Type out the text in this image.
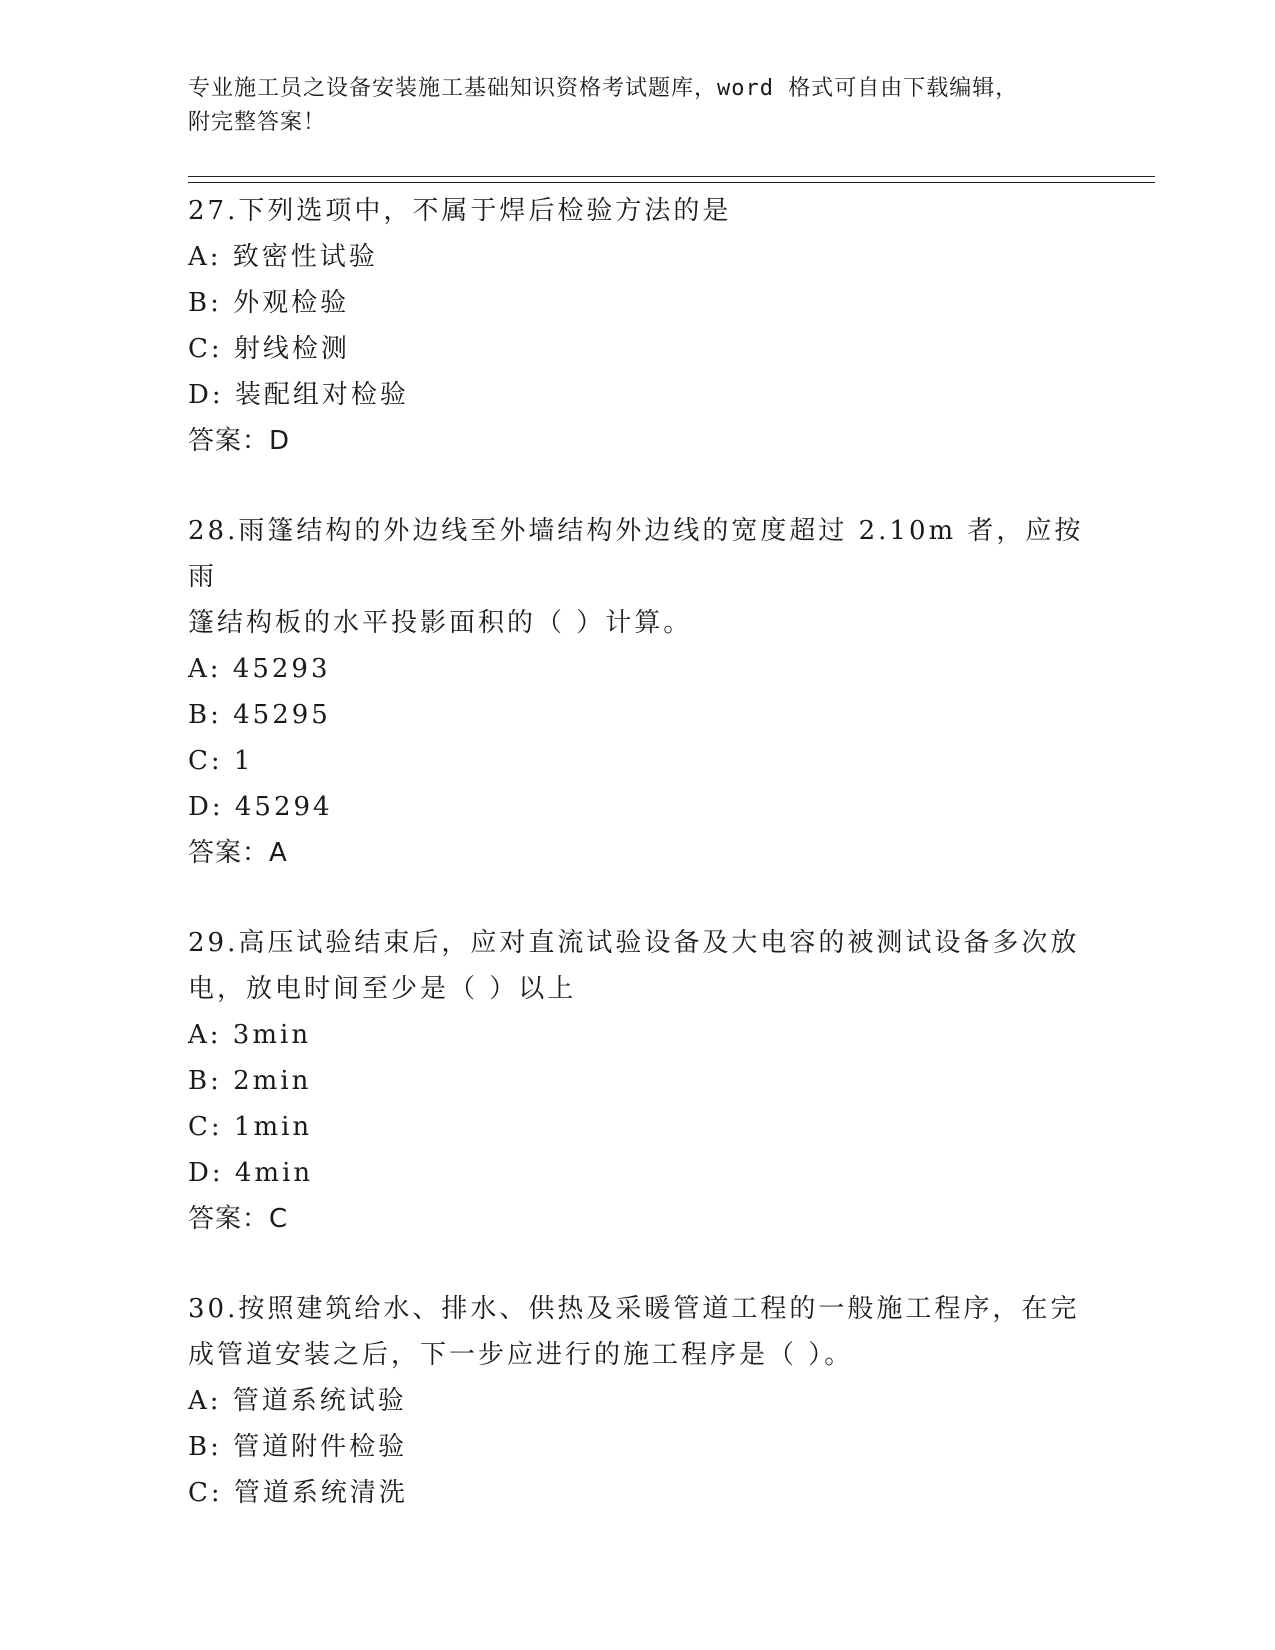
专业施工员之设备安装施工基础知识资格考试题库，word 格式可自由下载编辑，
附完整答案！

27.下列选项中，不属于焊后检验方法的是

A: 致密性试验

B: 外观检验

C: 射线检测

D: 装配组对检验

答案：D

28.雨篷结构的外边线至外墙结构外边线的宽度超过 2.10m 者，应按雨

篷结构板的水平投影面积的（ ）计算。

A: 45293

B: 45295

C: 1

D: 45294

答案：A

29.高压试验结束后，应对直流试验设备及大电容的被测试设备多次放

电，放电时间至少是（ ）以上

A: 3min

B: 2min

C: 1min

D: 4min

答案：C

30.按照建筑给水、排水、供热及采暖管道工程的一般施工程序，在完

成管道安装之后，下一步应进行的施工程序是（ ）。

A: 管道系统试验

B: 管道附件检验

C: 管道系统清洗
